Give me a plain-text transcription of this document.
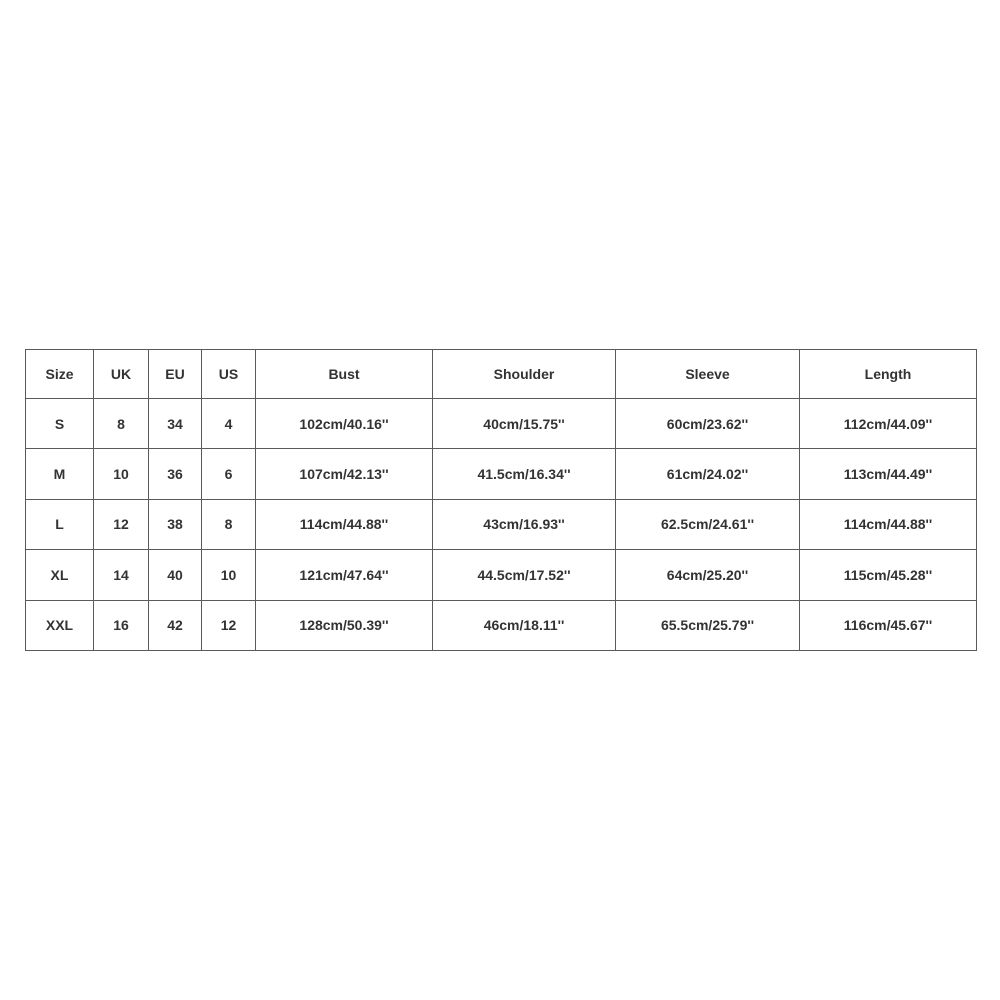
Size	UK	EU	US	Bust	Shoulder	Sleeve	Length
S	8	34	4	102cm/40.16''	40cm/15.75''	60cm/23.62''	112cm/44.09''
M	10	36	6	107cm/42.13''	41.5cm/16.34''	61cm/24.02''	113cm/44.49''
L	12	38	8	114cm/44.88''	43cm/16.93''	62.5cm/24.61''	114cm/44.88''
XL	14	40	10	121cm/47.64''	44.5cm/17.52''	64cm/25.20''	115cm/45.28''
XXL	16	42	12	128cm/50.39''	46cm/18.11''	65.5cm/25.79''	116cm/45.67''
